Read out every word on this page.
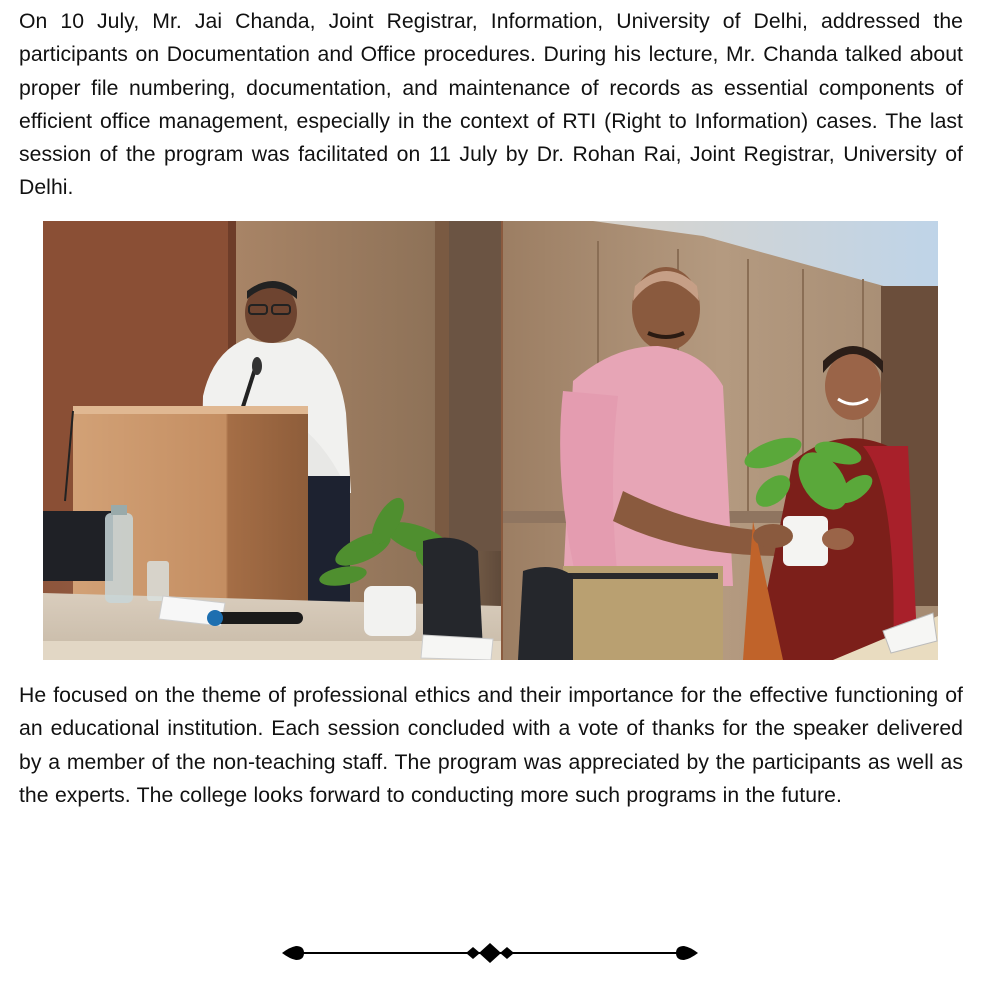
On 10 July, Mr. Jai Chanda, Joint Registrar, Information, University of Delhi, addressed the participants on Documentation and Office procedures. During his lecture, Mr. Chanda talked about proper file numbering, documentation, and maintenance of records as essential components of efficient office management, especially in the context of RTI (Right to Information) cases. The last session of the program was facilitated on 11 July by Dr. Rohan Rai, Joint Registrar, University of Delhi.

He focused on the theme of professional ethics and their importance for the effective functioning of an educational institution. Each session concluded with a vote of thanks for the speaker delivered by a member of the non-teaching staff. The program was appreciated by the participants as well as the experts. The college looks forward to conducting more such programs in the future.
